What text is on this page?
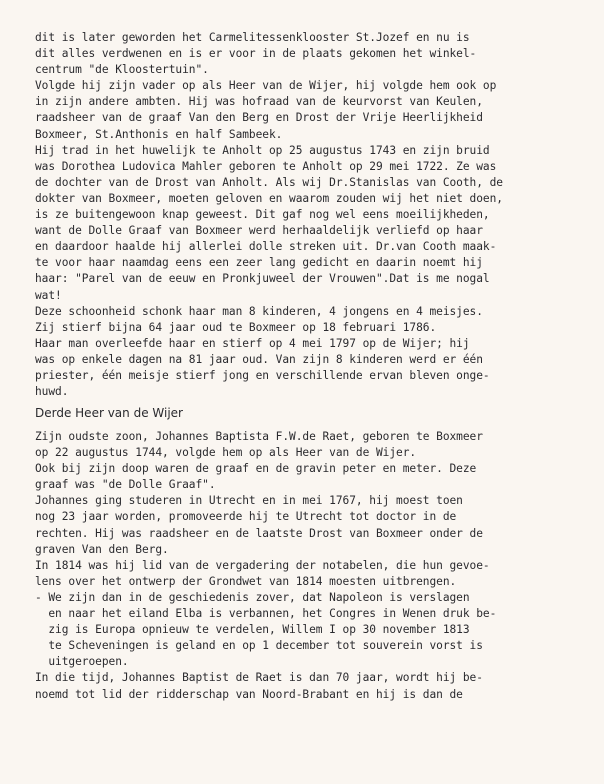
dit is later geworden het Carmelitessenklooster St.Jozef en nu is
dit alles verdwenen en is er voor in de plaats gekomen het winkel-
centrum "de Kloostertuin".
Volgde hij zijn vader op als Heer van de Wijer, hij volgde hem ook op
in zijn andere ambten. Hij was hofraad van de keurvorst van Keulen,
raadsheer van de graaf Van den Berg en Drost der Vrije Heerlijkheid
Boxmeer, St.Anthonis en half Sambeek.
Hij trad in het huwelijk te Anholt op 25 augustus 1743 en zijn bruid
was Dorothea Ludovica Mahler geboren te Anholt op 29 mei 1722. Ze was
de dochter van de Drost van Anholt. Als wij Dr.Stanislas van Cooth, de
dokter van Boxmeer, moeten geloven en waarom zouden wij het niet doen,
is ze buitengewoon knap geweest. Dit gaf nog wel eens moeilijkheden,
want de Dolle Graaf van Boxmeer werd herhaaldelijk verliefd op haar
en daardoor haalde hij allerlei dolle streken uit. Dr.van Cooth maak-
te voor haar naamdag eens een zeer lang gedicht en daarin noemt hij
haar: "Parel van de eeuw en Pronkjuweel der Vrouwen".Dat is me nogal
wat!
Deze schoonheid schonk haar man 8 kinderen, 4 jongens en 4 meisjes.
Zij stierf bijna 64 jaar oud te Boxmeer op 18 februari 1786.
Haar man overleefde haar en stierf op 4 mei 1797 op de Wijer; hij
was op enkele dagen na 81 jaar oud. Van zijn 8 kinderen werd er één
priester, één meisje stierf jong en verschillende ervan bleven onge-
huwd.
Derde Heer van de Wijer
Zijn oudste zoon, Johannes Baptista F.W.de Raet, geboren te Boxmeer
op 22 augustus 1744, volgde hem op als Heer van de Wijer.
Ook bij zijn doop waren de graaf en de gravin peter en meter. Deze
graaf was "de Dolle Graaf".
Johannes ging studeren in Utrecht en in mei 1767, hij moest toen
nog 23 jaar worden, promoveerde hij te Utrecht tot doctor in de
rechten. Hij was raadsheer en de laatste Drost van Boxmeer onder de
graven Van den Berg.
In 1814 was hij lid van de vergadering der notabelen, die hun gevoe-
lens over het ontwerp der Grondwet van 1814 moesten uitbrengen.
- We zijn dan in de geschiedenis zover, dat Napoleon is verslagen
en naar het eiland Elba is verbannen, het Congres in Wenen druk be-
zig is Europa opnieuw te verdelen, Willem I op 30 november 1813
te Scheveningen is geland en op 1 december tot souverein vorst is
uitgeroepen.
In die tijd, Johannes Baptist de Raet is dan 70 jaar, wordt hij be-
noemd tot lid der ridderschap van Noord-Brabant en hij is dan de
